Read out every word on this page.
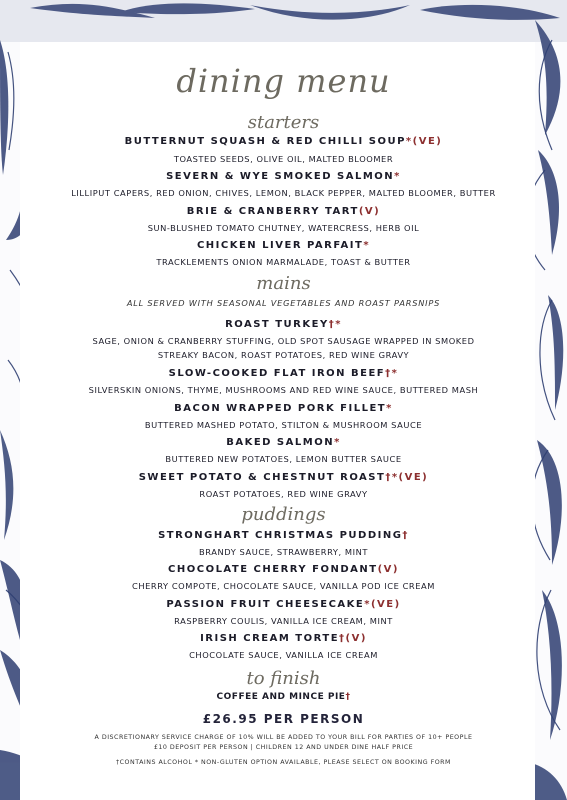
dining menu
starters
BUTTERNUT SQUASH & RED CHILLI SOUP*(VE)
TOASTED SEEDS, OLIVE OIL, MALTED BLOOMER
SEVERN & WYE SMOKED SALMON*
LILLIPUT CAPERS, RED ONION, CHIVES, LEMON, BLACK PEPPER, MALTED BLOOMER, BUTTER
BRIE & CRANBERRY TART(V)
SUN-BLUSHED TOMATO CHUTNEY, WATERCRESS, HERB OIL
CHICKEN LIVER PARFAIT*
TRACKLEMENTS ONION MARMALADE, TOAST & BUTTER
mains
ALL SERVED WITH SEASONAL VEGETABLES AND ROAST PARSNIPS
ROAST TURKEY†*
SAGE, ONION & CRANBERRY STUFFING, OLD SPOT SAUSAGE WRAPPED IN SMOKED
STREAKY BACON, ROAST POTATOES, RED WINE GRAVY
SLOW-COOKED FLAT IRON BEEF†*
SILVERSKIN ONIONS, THYME, MUSHROOMS AND RED WINE SAUCE, BUTTERED MASH
BACON WRAPPED PORK FILLET*
BUTTERED MASHED POTATO, STILTON & MUSHROOM SAUCE
BAKED SALMON*
BUTTERED NEW POTATOES, LEMON BUTTER SAUCE
SWEET POTATO & CHESTNUT ROAST†*(VE)
ROAST POTATOES, RED WINE GRAVY
puddings
STRONGHART CHRISTMAS PUDDING†
BRANDY SAUCE, STRAWBERRY, MINT
CHOCOLATE CHERRY FONDANT(V)
CHERRY COMPOTE, CHOCOLATE SAUCE, VANILLA POD ICE CREAM
PASSION FRUIT CHEESECAKE*(VE)
RASPBERRY COULIS, VANILLA ICE CREAM, MINT
IRISH CREAM TORTE†(V)
CHOCOLATE SAUCE, VANILLA ICE CREAM
to finish
COFFEE AND MINCE PIE†
£26.95 PER PERSON
A DISCRETIONARY SERVICE CHARGE OF 10% WILL BE ADDED TO YOUR BILL FOR PARTIES OF 10+ PEOPLE
£10 DEPOSIT PER PERSON | CHILDREN 12 AND UNDER DINE HALF PRICE
†CONTAINS ALCOHOL * NON-GLUTEN OPTION AVAILABLE, PLEASE SELECT ON BOOKING FORM
